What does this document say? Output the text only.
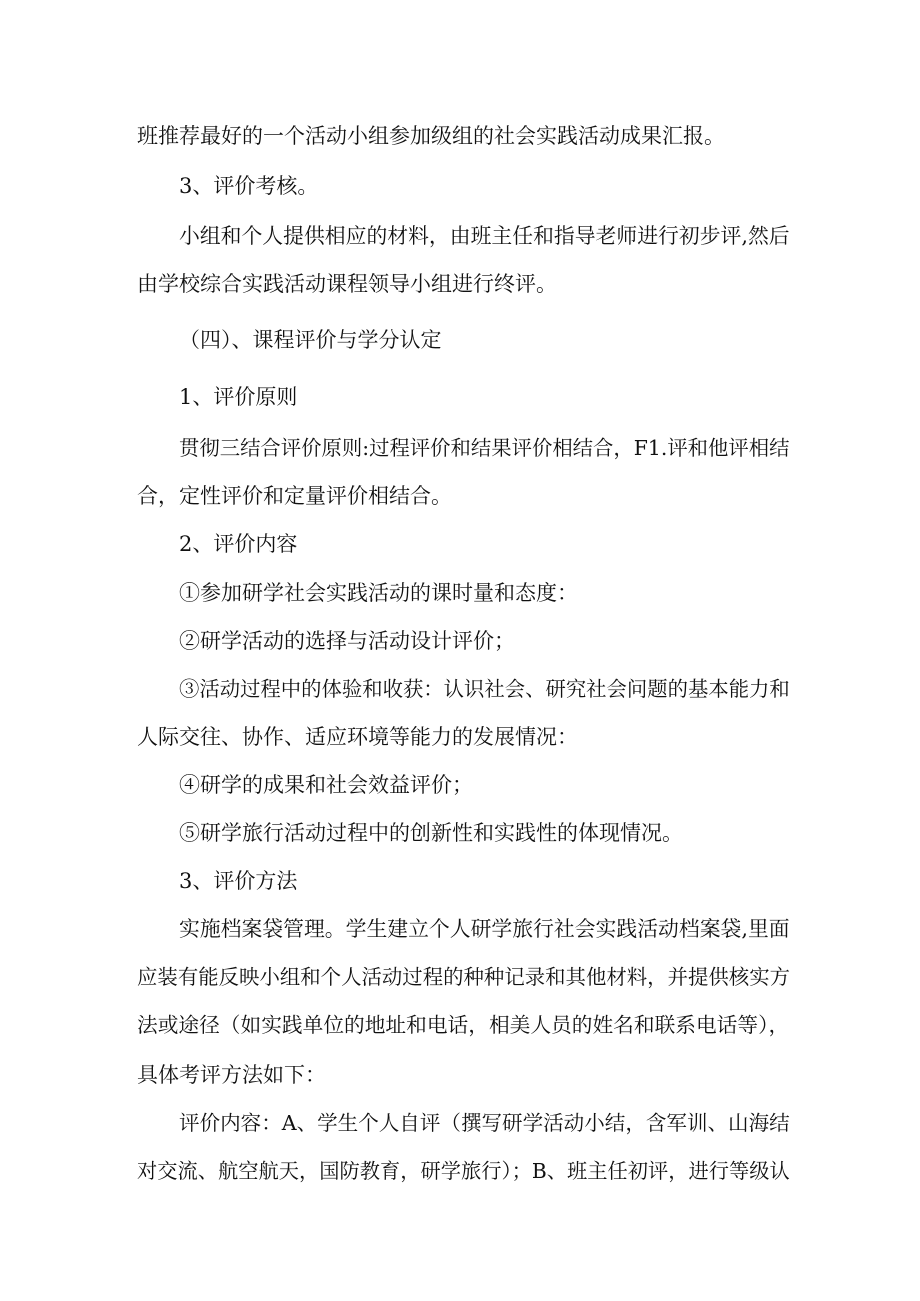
班推荐最好的一个活动小组参加级组的社会实践活动成果汇报。
3、评价考核。
小组和个人提供相应的材料，由班主任和指导老师进行初步评,然后
由学校综合实践活动课程领导小组进行终评。
（四）、课程评价与学分认定
1、评价原则
贯彻三结合评价原则:过程评价和结果评价相结合，F1.评和他评相结
合，定性评价和定量评价相结合。
2、评价内容
①参加研学社会实践活动的课时量和态度：
②研学活动的选择与活动设计评价；
③活动过程中的体验和收获：认识社会、研究社会问题的基本能力和
人际交往、协作、适应环境等能力的发展情况：
④研学的成果和社会效益评价；
⑤研学旅行活动过程中的创新性和实践性的体现情况。
3、评价方法
实施档案袋管理。学生建立个人研学旅行社会实践活动档案袋,里面
应装有能反映小组和个人活动过程的种种记录和其他材料，并提供核实方
法或途径（如实践单位的地址和电话，相美人员的姓名和联系电话等），
具体考评方法如下：
评价内容：A、学生个人自评（撰写研学活动小结，含军训、山海结
对交流、航空航天，国防教育，研学旅行）；B、班主任初评，进行等级认
